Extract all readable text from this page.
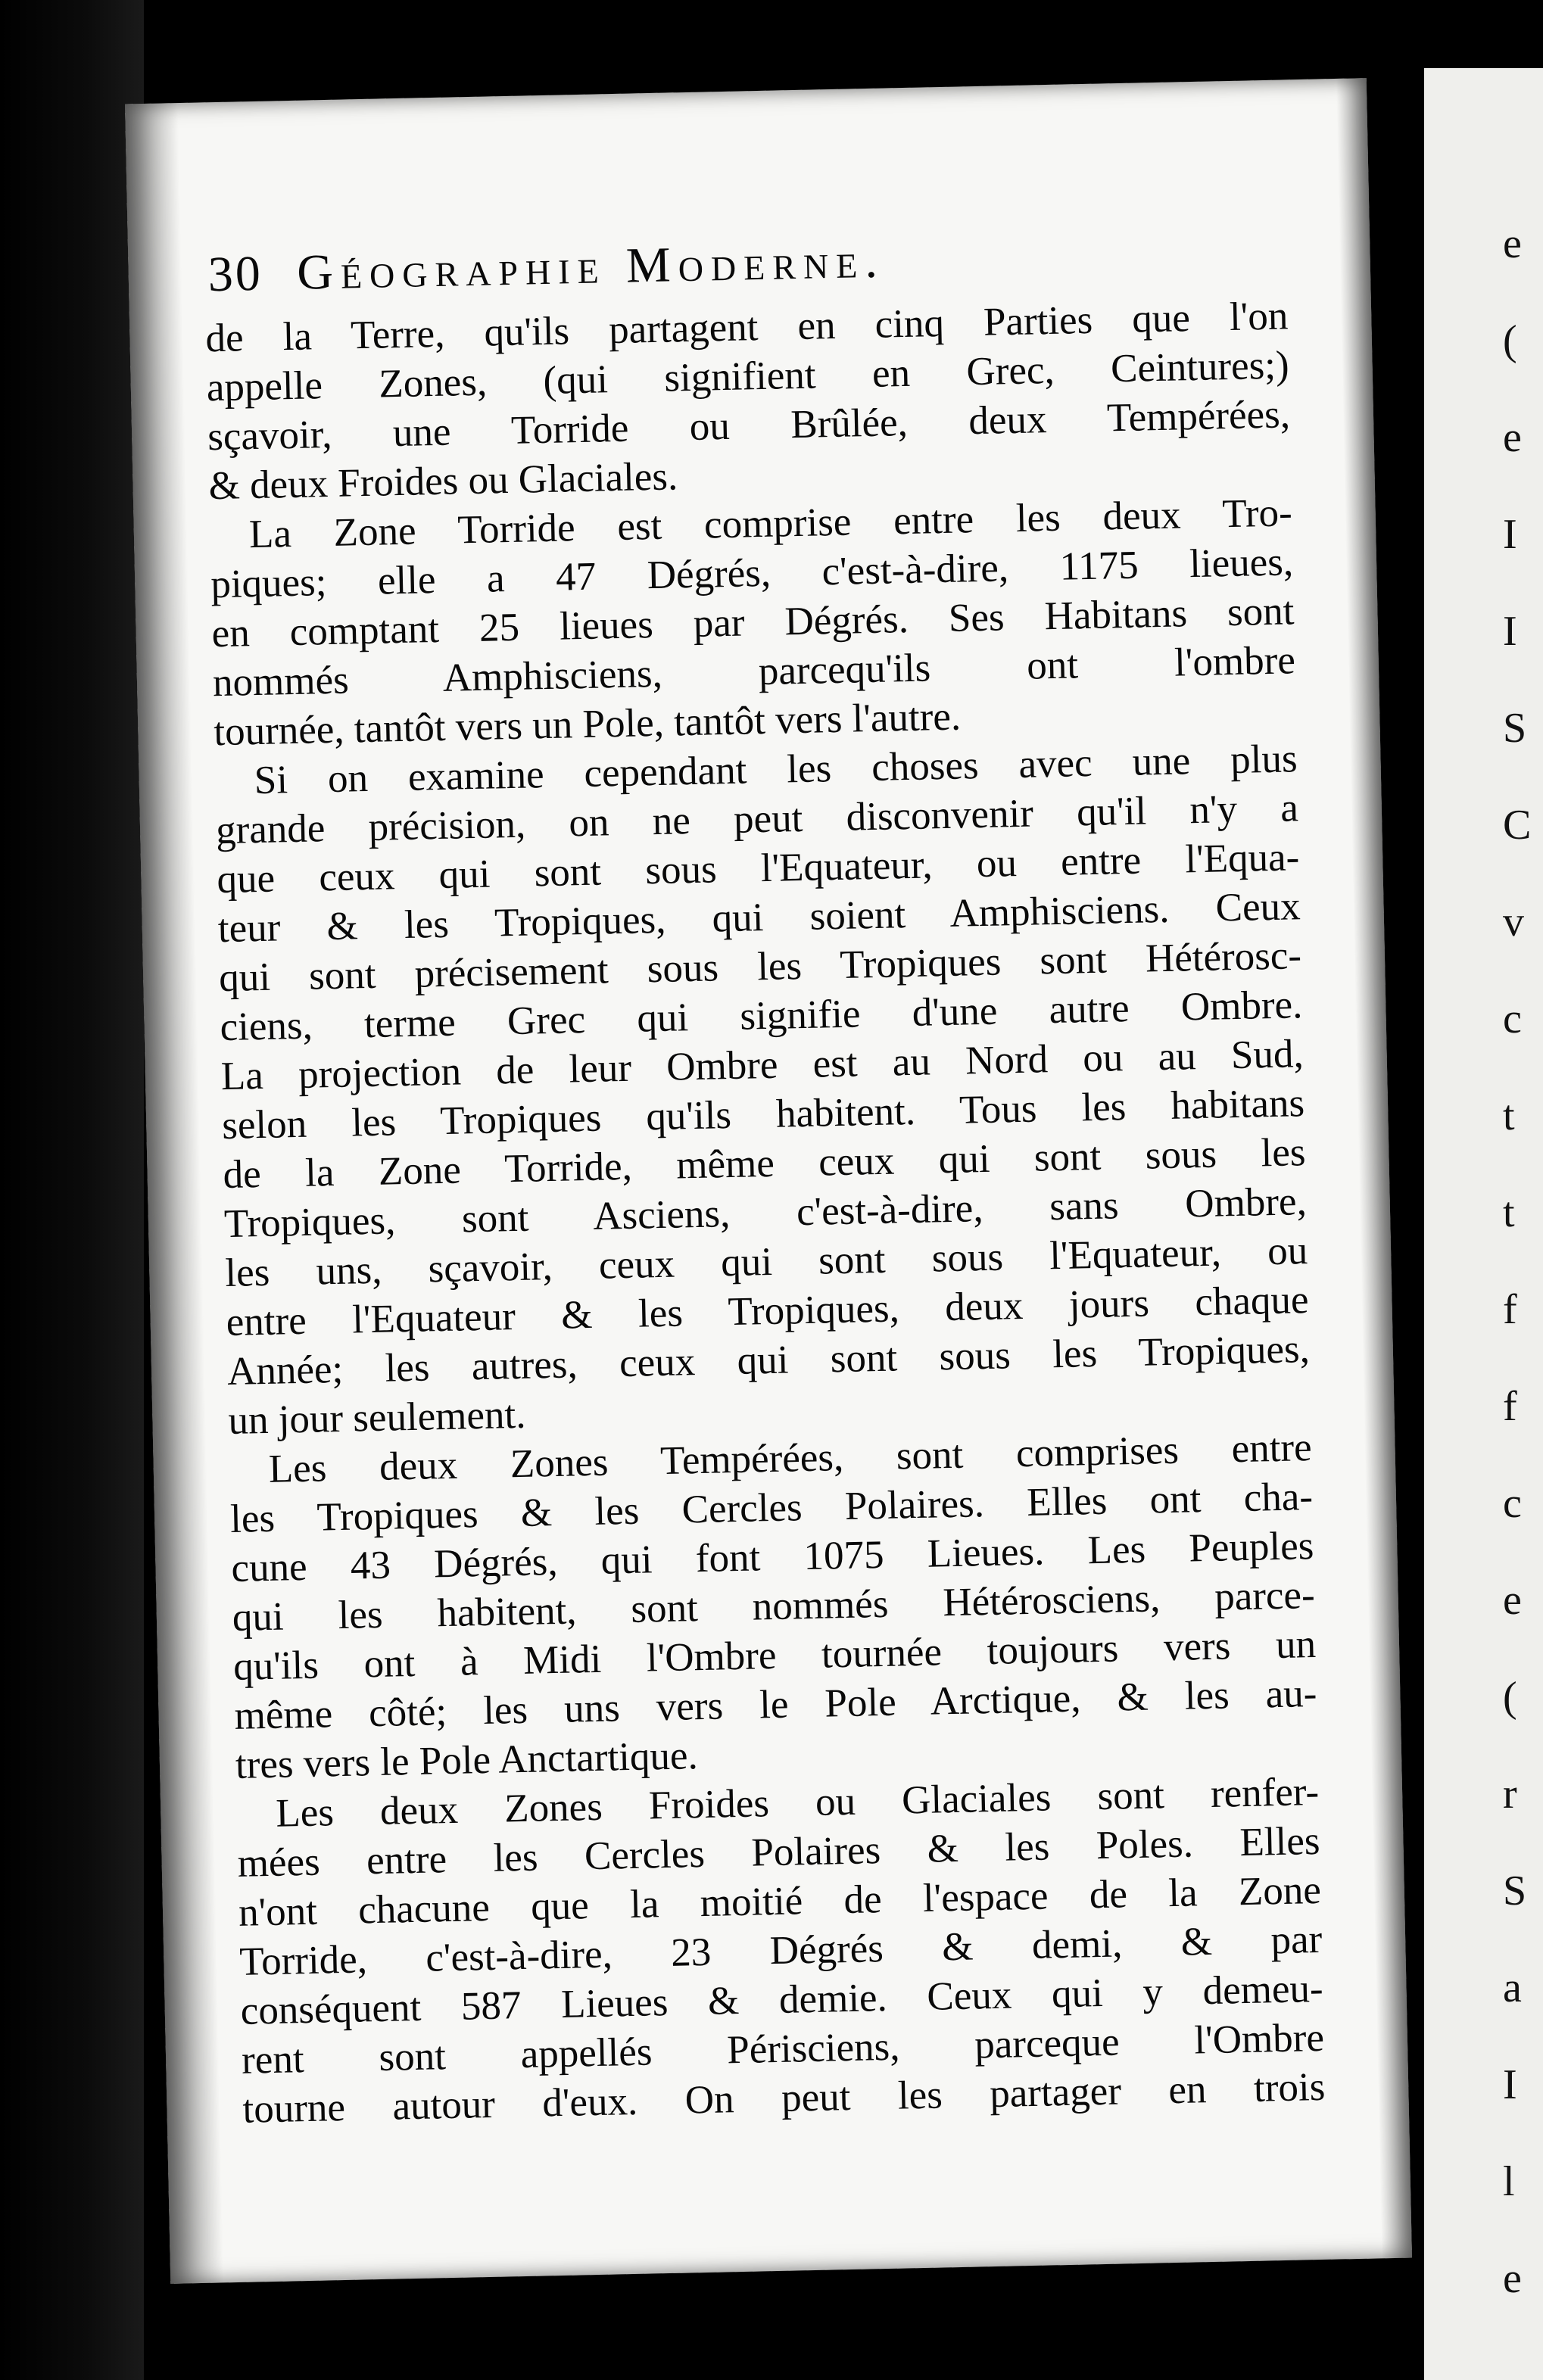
30 Géographie Moderne.
de la Terre, qu'ils partagent en cinq Parties que l'on
appelle Zones, (qui signifient en Grec, Ceintures;)
sçavoir, une Torride ou Brûlée, deux Tempérées,
& deux Froides ou Glaciales.
La Zone Torride est comprise entre les deux Tro-
piques; elle a 47 Dégrés, c'est-à-dire, 1175 lieues,
en comptant 25 lieues par Dégrés. Ses Habitans sont
nommés Amphisciens, parcequ'ils ont l'ombre
tournée, tantôt vers un Pole, tantôt vers l'autre.
Si on examine cependant les choses avec une plus
grande précision, on ne peut disconvenir qu'il n'y a
que ceux qui sont sous l'Equateur, ou entre l'Equa-
teur & les Tropiques, qui soient Amphisciens. Ceux
qui sont précisement sous les Tropiques sont Hétérosc-
ciens, terme Grec qui signifie d'une autre Ombre.
La projection de leur Ombre est au Nord ou au Sud,
selon les Tropiques qu'ils habitent. Tous les habitans
de la Zone Torride, même ceux qui sont sous les
Tropiques, sont Asciens, c'est-à-dire, sans Ombre,
les uns, sçavoir, ceux qui sont sous l'Equateur, ou
entre l'Equateur & les Tropiques, deux jours chaque
Année; les autres, ceux qui sont sous les Tropiques,
un jour seulement.
Les deux Zones Tempérées, sont comprises entre
les Tropiques & les Cercles Polaires. Elles ont cha-
cune 43 Dégrés, qui font 1075 Lieues. Les Peuples
qui les habitent, sont nommés Hétérosciens, parce-
qu'ils ont à Midi l'Ombre tournée toujours vers un
même côté; les uns vers le Pole Arctique, & les au-
tres vers le Pole Anctartique.
Les deux Zones Froides ou Glaciales sont renfer-
mées entre les Cercles Polaires & les Poles. Elles
n'ont chacune que la moitié de l'espace de la Zone
Torride, c'est-à-dire, 23 Dégrés & demi, & par
conséquent 587 Lieues & demie. Ceux qui y demeu-
rent sont appellés Périsciens, parceque l'Ombre
tourne autour d'eux. On peut les partager en trois
e
(
e
I
I
S
C
v
c
t
t
f
f
c
e
(
r
S
a
I
l
e
